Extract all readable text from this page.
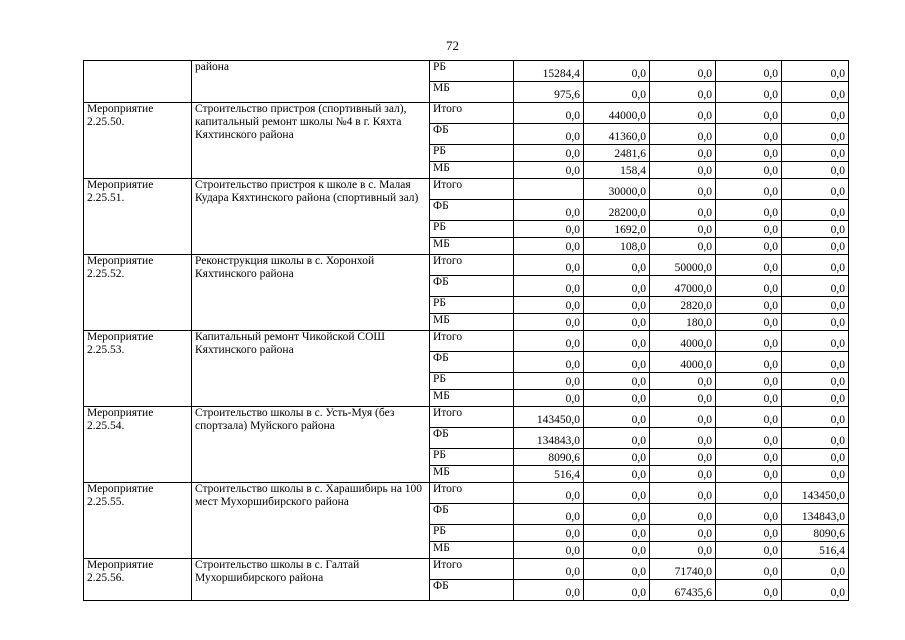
72
	района	РБ	15284,4	0,0	0,0	0,0	0,0
		МБ	975,6	0,0	0,0	0,0	0,0
Мероприятие 2.25.50.	Строительство пристроя (спортивный зал), капитальный ремонт школы №4 в г. Кяхта Кяхтинского района	Итого	0,0	44000,0	0,0	0,0	0,0
		ФБ	0,0	41360,0	0,0	0,0	0,0
		РБ	0,0	2481,6	0,0	0,0	0,0
		МБ	0,0	158,4	0,0	0,0	0,0
Мероприятие 2.25.51.	Строительство пристроя к школе в с. Малая Кудара Кяхтинского района (спортивный зал)	Итого		30000,0	0,0	0,0	0,0
		ФБ	0,0	28200,0	0,0	0,0	0,0
		РБ	0,0	1692,0	0,0	0,0	0,0
		МБ	0,0	108,0	0,0	0,0	0,0
Мероприятие 2.25.52.	Реконструкция школы в с. Хоронхой Кяхтинского района	Итого	0,0	0,0	50000,0	0,0	0,0
		ФБ	0,0	0,0	47000,0	0,0	0,0
		РБ	0,0	0,0	2820,0	0,0	0,0
		МБ	0,0	0,0	180,0	0,0	0,0
Мероприятие 2.25.53.	Капитальный ремонт Чикойской СОШ Кяхтинского района	Итого	0,0	0,0	4000,0	0,0	0,0
		ФБ	0,0	0,0	4000,0	0,0	0,0
		РБ	0,0	0,0	0,0	0,0	0,0
		МБ	0,0	0,0	0,0	0,0	0,0
Мероприятие 2.25.54.	Строительство школы в с. Усть-Муя (без спортзала) Муйского района	Итого	143450,0	0,0	0,0	0,0	0,0
		ФБ	134843,0	0,0	0,0	0,0	0,0
		РБ	8090,6	0,0	0,0	0,0	0,0
		МБ	516,4	0,0	0,0	0,0	0,0
Мероприятие 2.25.55.	Строительство школы в с. Харашибирь на 100 мест Мухоршибирского района	Итого	0,0	0,0	0,0	0,0	143450,0
		ФБ	0,0	0,0	0,0	0,0	134843,0
		РБ	0,0	0,0	0,0	0,0	8090,6
		МБ	0,0	0,0	0,0	0,0	516,4
Мероприятие 2.25.56.	Строительство школы в с. Галтай Мухоршибирского района	Итого	0,0	0,0	71740,0	0,0	0,0
		ФБ	0,0	0,0	67435,6	0,0	0,0
